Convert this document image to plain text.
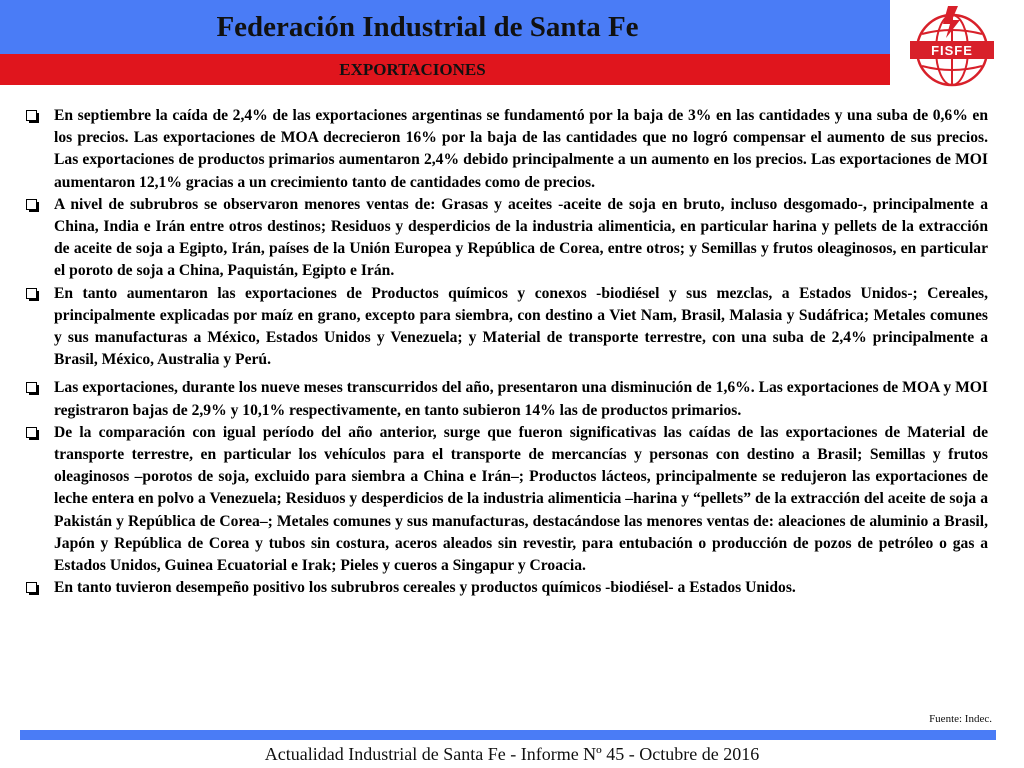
Federación Industrial de Santa Fe
EXPORTACIONES
FISFE
En septiembre la caída de 2,4% de las exportaciones argentinas se fundamentó por la baja de 3% en las cantidades y una suba de 0,6% en los precios. Las exportaciones de MOA decrecieron 16% por la baja de las cantidades que no logró compensar el aumento de sus precios. Las exportaciones de productos primarios aumentaron 2,4% debido principalmente a un aumento en los precios. Las exportaciones de MOI aumentaron 12,1% gracias a un crecimiento tanto de cantidades como de precios.
A nivel de subrubros se observaron menores ventas de: Grasas y aceites -aceite de soja en bruto, incluso desgomado-, principalmente a China, India e Irán entre otros destinos; Residuos y desperdicios de la industria alimenticia, en particular harina y pellets de la extracción de aceite de soja a Egipto, Irán, países de la Unión Europea y República de Corea, entre otros; y Semillas y frutos oleaginosos, en particular el poroto de soja a China, Paquistán, Egipto e Irán.
En tanto aumentaron las exportaciones de Productos químicos y conexos -biodiésel y sus mezclas, a Estados Unidos-; Cereales, principalmente explicadas por maíz en grano, excepto para siembra, con destino a Viet Nam, Brasil, Malasia y Sudáfrica; Metales comunes y sus manufacturas a México, Estados Unidos y Venezuela; y Material de transporte terrestre, con una suba de 2,4% principalmente a Brasil, México, Australia y Perú.
Las exportaciones, durante los nueve meses transcurridos del año, presentaron una disminución de 1,6%. Las exportaciones de MOA y MOI registraron bajas de 2,9% y 10,1% respectivamente, en tanto subieron 14% las de productos primarios.
De la comparación con igual período del año anterior, surge que fueron significativas las caídas de las exportaciones de Material de transporte terrestre, en particular los vehículos para el transporte de mercancías y personas con destino a Brasil; Semillas y frutos oleaginosos –porotos de soja, excluido para siembra a China e Irán–; Productos lácteos, principalmente se redujeron las exportaciones de leche entera en polvo a Venezuela; Residuos y desperdicios de la industria alimenticia –harina y “pellets” de la extracción del aceite de soja a Pakistán y República de Corea–; Metales comunes y sus manufacturas, destacándose las menores ventas de: aleaciones de aluminio a Brasil, Japón y República de Corea y tubos sin costura, aceros aleados sin revestir, para entubación o producción de pozos de petróleo o gas a Estados Unidos, Guinea Ecuatorial e Irak; Pieles y cueros a Singapur y Croacia.
En tanto tuvieron desempeño positivo los subrubros cereales y productos químicos -biodiésel- a Estados Unidos.
Fuente: Indec.
Actualidad Industrial de Santa Fe - Informe Nº 45 - Octubre de 2016
